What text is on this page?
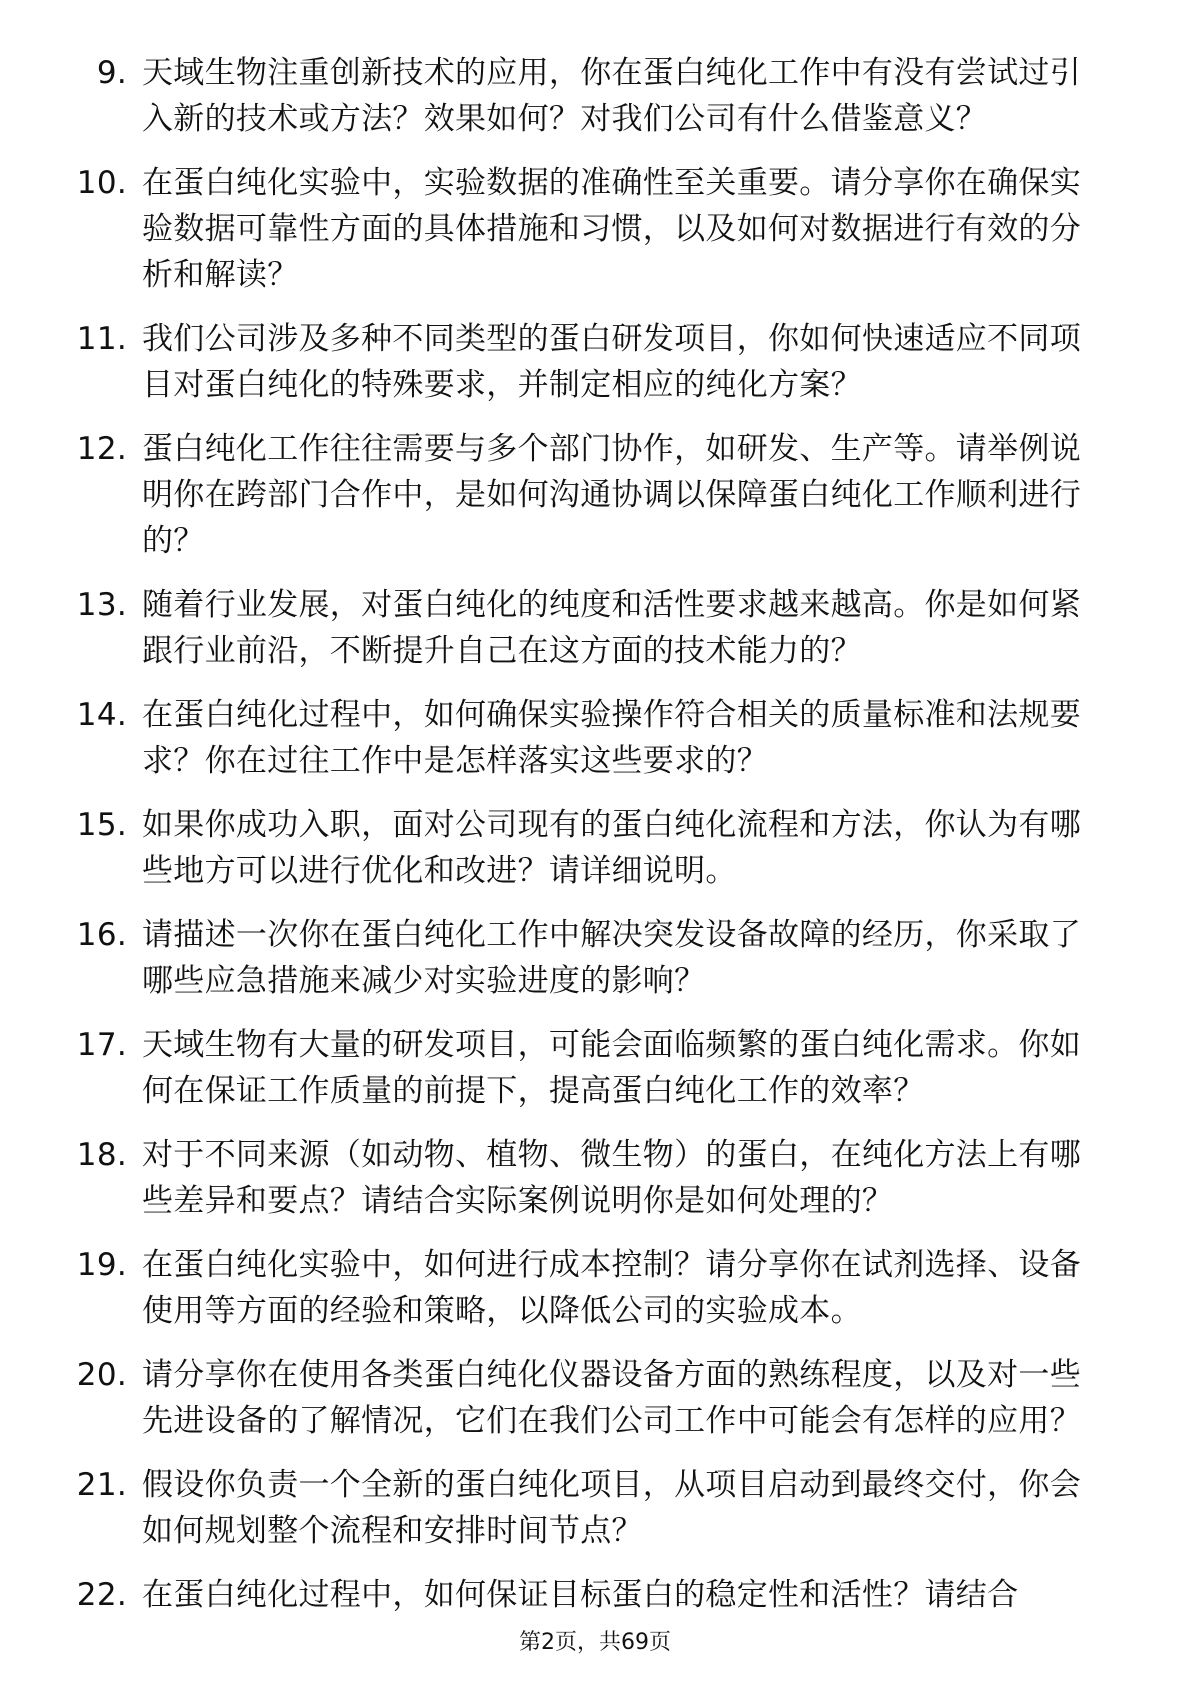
9. 天域生物注重创新技术的应用，你在蛋白纯化工作中有没有尝试过引入新的技术或方法？效果如何？对我们公司有什么借鉴意义？
10. 在蛋白纯化实验中，实验数据的准确性至关重要。请分享你在确保实验数据可靠性方面的具体措施和习惯，以及如何对数据进行有效的分析和解读？
11. 我们公司涉及多种不同类型的蛋白研发项目，你如何快速适应不同项目对蛋白纯化的特殊要求，并制定相应的纯化方案？
12. 蛋白纯化工作往往需要与多个部门协作，如研发、生产等。请举例说明你在跨部门合作中，是如何沟通协调以保障蛋白纯化工作顺利进行的？
13. 随着行业发展，对蛋白纯化的纯度和活性要求越来越高。你是如何紧跟行业前沿，不断提升自己在这方面的技术能力的？
14. 在蛋白纯化过程中，如何确保实验操作符合相关的质量标准和法规要求？你在过往工作中是怎样落实这些要求的？
15. 如果你成功入职，面对公司现有的蛋白纯化流程和方法，你认为有哪些地方可以进行优化和改进？请详细说明。
16. 请描述一次你在蛋白纯化工作中解决突发设备故障的经历，你采取了哪些应急措施来减少对实验进度的影响？
17. 天域生物有大量的研发项目，可能会面临频繁的蛋白纯化需求。你如何在保证工作质量的前提下，提高蛋白纯化工作的效率？
18. 对于不同来源（如动物、植物、微生物）的蛋白，在纯化方法上有哪些差异和要点？请结合实际案例说明你是如何处理的？
19. 在蛋白纯化实验中，如何进行成本控制？请分享你在试剂选择、设备使用等方面的经验和策略，以降低公司的实验成本。
20. 请分享你在使用各类蛋白纯化仪器设备方面的熟练程度，以及对一些先进设备的了解情况，它们在我们公司工作中可能会有怎样的应用？
21. 假设你负责一个全新的蛋白纯化项目，从项目启动到最终交付，你会如何规划整个流程和安排时间节点？
22. 在蛋白纯化过程中，如何保证目标蛋白的稳定性和活性？请结合
第2页，共69页
